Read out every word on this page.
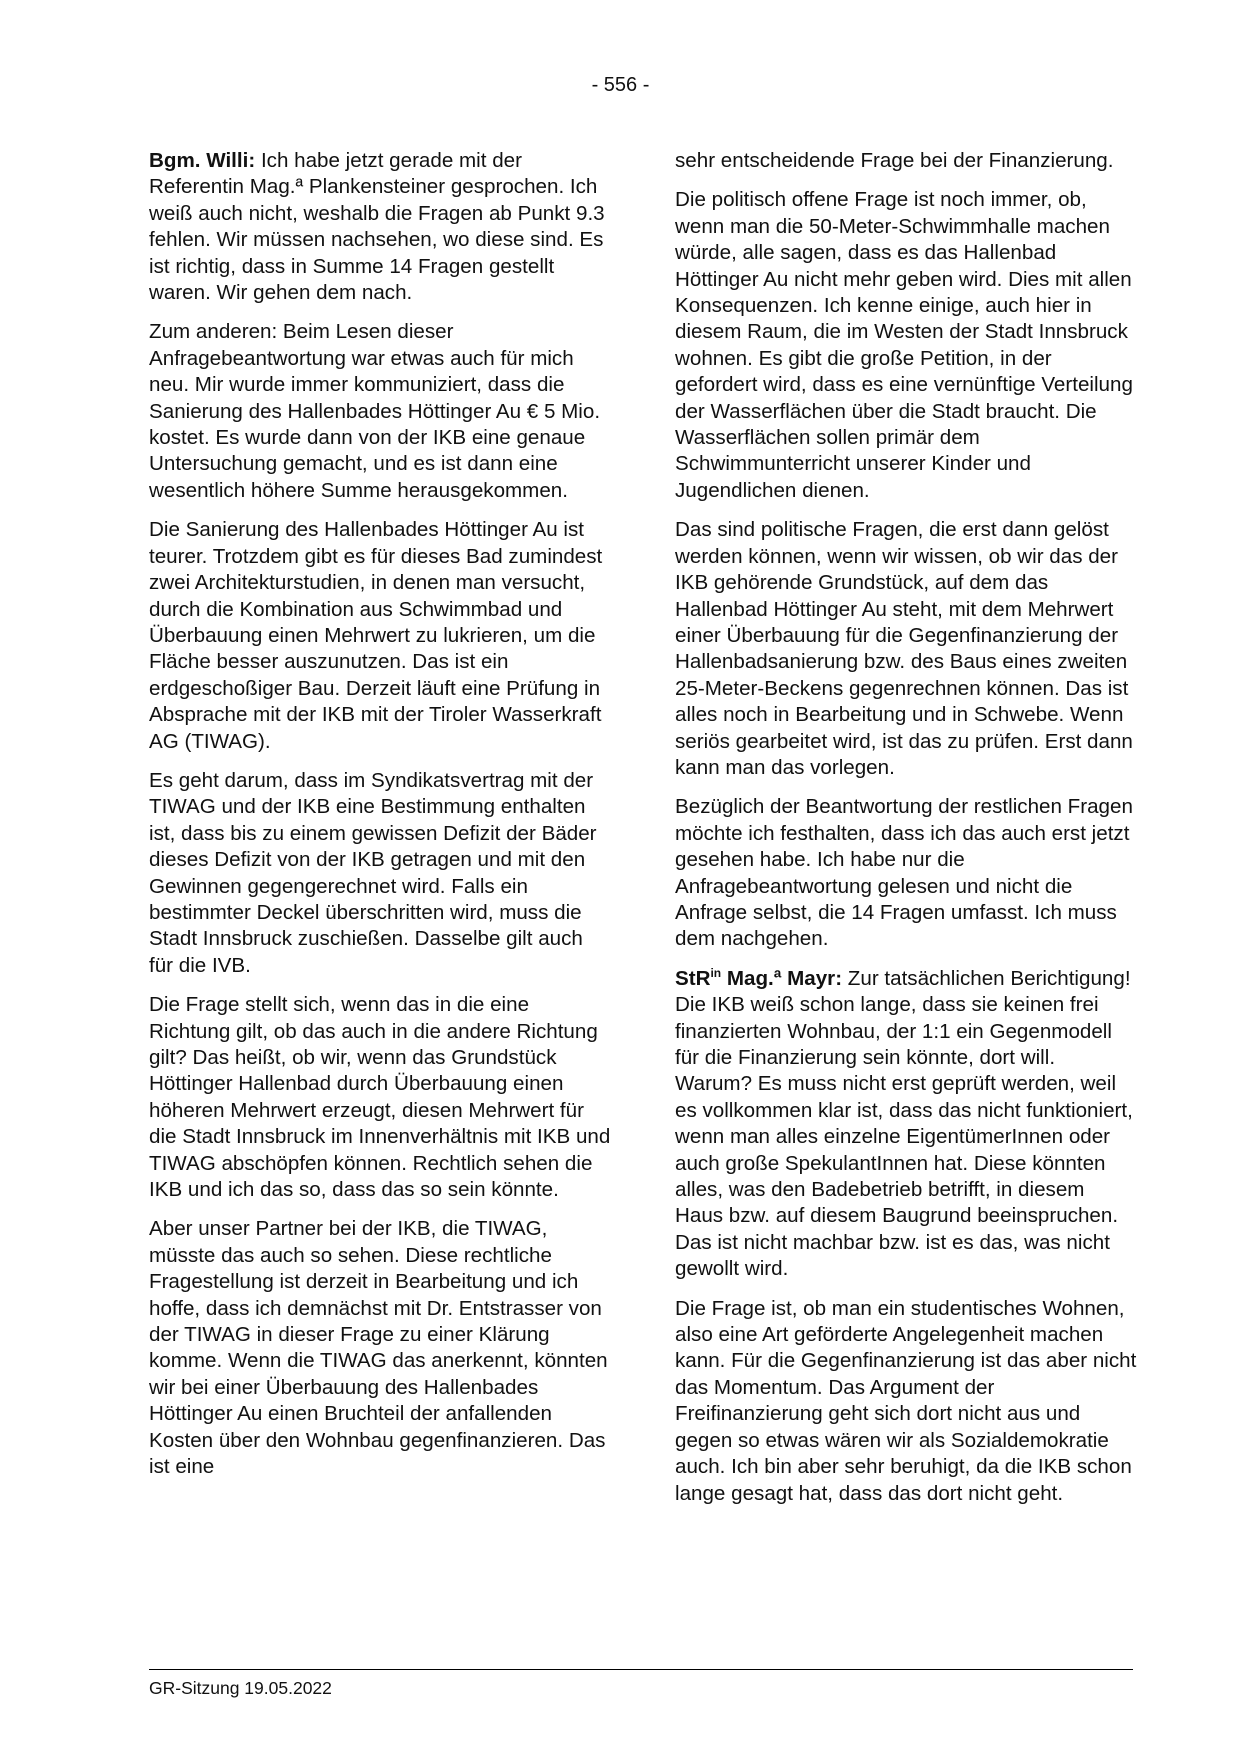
- 556 -

Bgm. Willi: Ich habe jetzt gerade mit der Referentin Mag.ª Plankensteiner gesprochen. Ich weiß auch nicht, weshalb die Fragen ab Punkt 9.3 fehlen. Wir müssen nachsehen, wo diese sind. Es ist richtig, dass in Summe 14 Fragen gestellt waren. Wir gehen dem nach.

Zum anderen: Beim Lesen dieser Anfragebeantwortung war etwas auch für mich neu. Mir wurde immer kommuniziert, dass die Sanierung des Hallenbades Höttinger Au € 5 Mio. kostet. Es wurde dann von der IKB eine genaue Untersuchung gemacht, und es ist dann eine wesentlich höhere Summe herausgekommen.

Die Sanierung des Hallenbades Höttinger Au ist teurer. Trotzdem gibt es für dieses Bad zumindest zwei Architekturstudien, in denen man versucht, durch die Kombination aus Schwimmbad und Überbauung einen Mehrwert zu lukrieren, um die Fläche besser auszunutzen. Das ist ein erdgeschoßiger Bau. Derzeit läuft eine Prüfung in Absprache mit der IKB mit der Tiroler Wasserkraft AG (TIWAG).

Es geht darum, dass im Syndikatsvertrag mit der TIWAG und der IKB eine Bestimmung enthalten ist, dass bis zu einem gewissen Defizit der Bäder dieses Defizit von der IKB getragen und mit den Gewinnen gegengerechnet wird. Falls ein bestimmter Deckel überschritten wird, muss die Stadt Innsbruck zuschießen. Dasselbe gilt auch für die IVB.

Die Frage stellt sich, wenn das in die eine Richtung gilt, ob das auch in die andere Richtung gilt? Das heißt, ob wir, wenn das Grundstück Höttinger Hallenbad durch Überbauung einen höheren Mehrwert erzeugt, diesen Mehrwert für die Stadt Innsbruck im Innenverhältnis mit IKB und TIWAG abschöpfen können. Rechtlich sehen die IKB und ich das so, dass das so sein könnte.

Aber unser Partner bei der IKB, die TIWAG, müsste das auch so sehen. Diese rechtliche Fragestellung ist derzeit in Bearbeitung und ich hoffe, dass ich demnächst mit Dr. Entstrasser von der TIWAG in dieser Frage zu einer Klärung komme. Wenn die TIWAG das anerkennt, könnten wir bei einer Überbauung des Hallenbades Höttinger Au einen Bruchteil der anfallenden Kosten über den Wohnbau gegenfinanzieren. Das ist eine

sehr entscheidende Frage bei der Finanzierung.

Die politisch offene Frage ist noch immer, ob, wenn man die 50-Meter-Schwimmhalle machen würde, alle sagen, dass es das Hallenbad Höttinger Au nicht mehr geben wird. Dies mit allen Konsequenzen. Ich kenne einige, auch hier in diesem Raum, die im Westen der Stadt Innsbruck wohnen. Es gibt die große Petition, in der gefordert wird, dass es eine vernünftige Verteilung der Wasserflächen über die Stadt braucht. Die Wasserflächen sollen primär dem Schwimmunterricht unserer Kinder und Jugendlichen dienen.

Das sind politische Fragen, die erst dann gelöst werden können, wenn wir wissen, ob wir das der IKB gehörende Grundstück, auf dem das Hallenbad Höttinger Au steht, mit dem Mehrwert einer Überbauung für die Gegenfinanzierung der Hallenbadsanierung bzw. des Baus eines zweiten 25-Meter-Beckens gegenrechnen können. Das ist alles noch in Bearbeitung und in Schwebe. Wenn seriös gearbeitet wird, ist das zu prüfen. Erst dann kann man das vorlegen.

Bezüglich der Beantwortung der restlichen Fragen möchte ich festhalten, dass ich das auch erst jetzt gesehen habe. Ich habe nur die Anfragebeantwortung gelesen und nicht die Anfrage selbst, die 14 Fragen umfasst. Ich muss dem nachgehen.

StR$^{in}$ Mag.ª Mayr: Zur tatsächlichen Berichtigung! Die IKB weiß schon lange, dass sie keinen frei finanzierten Wohnbau, der 1:1 ein Gegenmodell für die Finanzierung sein könnte, dort will. Warum? Es muss nicht erst geprüft werden, weil es vollkommen klar ist, dass das nicht funktioniert, wenn man alles einzelne EigentümerInnen oder auch große SpekulantInnen hat. Diese könnten alles, was den Badebetrieb betrifft, in diesem Haus bzw. auf diesem Baugrund beeinspruchen. Das ist nicht machbar bzw. ist es das, was nicht gewollt wird.

Die Frage ist, ob man ein studentisches Wohnen, also eine Art geförderte Angelegenheit machen kann. Für die Gegenfinanzierung ist das aber nicht das Momentum. Das Argument der Freifinanzierung geht sich dort nicht aus und gegen so etwas wären wir als Sozialdemokratie auch. Ich bin aber sehr beruhigt, da die IKB schon lange gesagt hat, dass das dort nicht geht.

GR-Sitzung 19.05.2022
